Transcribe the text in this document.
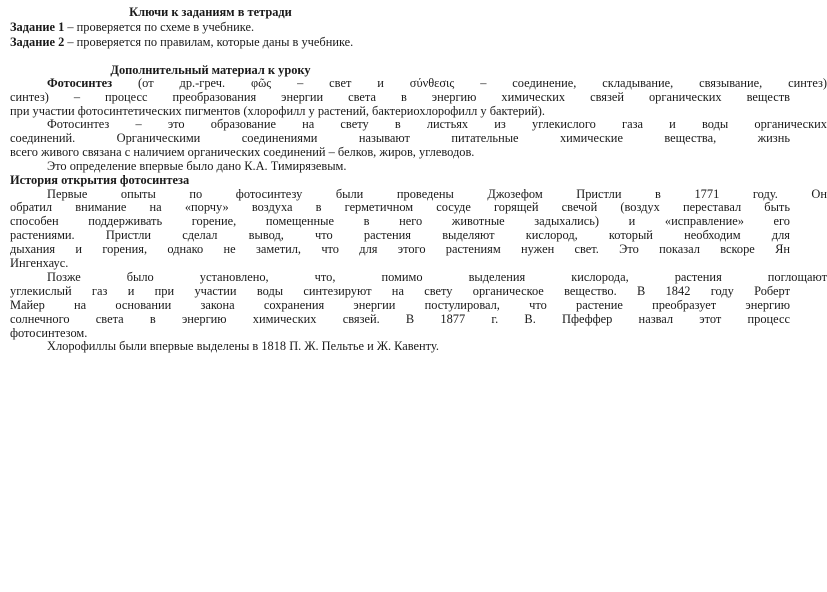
Ключи к заданиям в тетради
Задание 1 – проверяется по схеме в учебнике.
Задание 2 – проверяется по правилам, которые даны в учебнике.
Дополнительный материал к уроку
Фотосинтез (от др.-греч. φῶς – свет и σύνθεσις – соединение, складывание, связывание, синтез)
синтез) – процесс преобразования энергии света в энергию химических связей органических веществ
при участии фотосинтетических пигментов (хлорофилл у растений, бактериохлорофилл у бактерий).
Фотосинтез – это образование на свету в листьях из углекислого газа и воды органических
соединений. Органическими соединениями называют питательные химические вещества, жизнь
всего живого связана с наличием органических соединений – белков, жиров, углеводов.
Это определение впервые было дано К.А. Тимирязевым.
История открытия фотосинтеза
Первые опыты по фотосинтезу были проведены Джозефом Пристли в 1771 году. Он
обратил внимание на «порчу» воздуха в герметичном сосуде горящей свечой (воздух переставал быть
способен поддерживать горение, помещенные в него животные задыхались) и «исправление» его
растениями. Пристли сделал вывод, что растения выделяют кислород, который необходим для
дыхания и горения, однако не заметил, что для этого растениям нужен свет. Это показал вскоре Ян
Ингенхаус.
Позже было установлено, что, помимо выделения кислорода, растения поглощают
углекислый газ и при участии воды синтезируют на свету органическое вещество. В 1842 году Роберт
Майер на основании закона сохранения энергии постулировал, что растение преобразует энергию
солнечного света в энергию химических связей. В 1877 г. В. Пфеффер назвал этот процесс
фотосинтезом.
Хлорофиллы были впервые выделены в 1818 П. Ж. Пельтье и Ж. Кавенту.
